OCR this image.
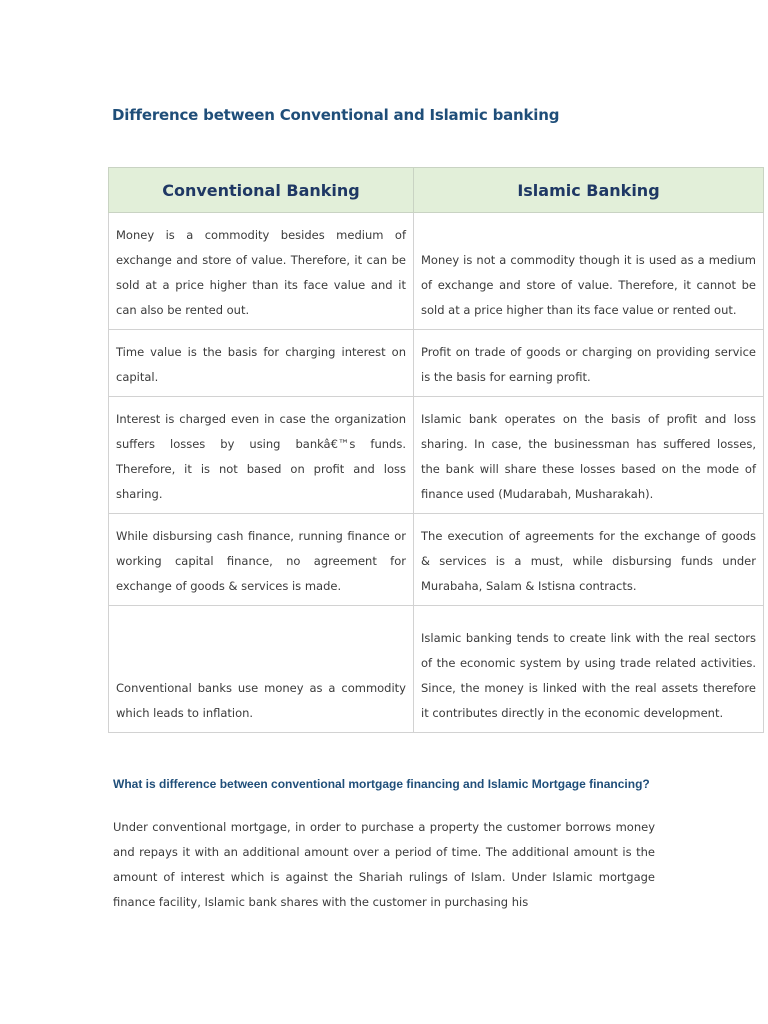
Difference between Conventional and Islamic banking
Conventional Banking	Islamic Banking
Money is a commodity besides medium of exchange and store of value. Therefore, it can be sold at a price higher than its face value and it can also be rented out.	Money is not a commodity though it is used as a medium of exchange and store of value. Therefore, it cannot be sold at a price higher than its face value or rented out.
Time value is the basis for charging interest on capital.	Profit on trade of goods or charging on providing service is the basis for earning profit.
Interest is charged even in case the organization suffers losses by using bankâ€™s funds. Therefore, it is not based on profit and loss sharing.	Islamic bank operates on the basis of profit and loss sharing. In case, the businessman has suffered losses, the bank will share these losses based on the mode of finance used (Mudarabah, Musharakah).
While disbursing cash finance, running finance or working capital finance, no agreement for exchange of goods & services is made.	The execution of agreements for the exchange of goods & services is a must, while disbursing funds under Murabaha, Salam & Istisna contracts.
Conventional banks use money as a commodity which leads to inflation.	Islamic banking tends to create link with the real sectors of the economic system by using trade related activities. Since, the money is linked with the real assets therefore it contributes directly in the economic development.
What is difference between conventional mortgage financing and Islamic Mortgage financing?

Under conventional mortgage, in order to purchase a property the customer borrows money and repays it with an additional amount over a period of time. The additional amount is the amount of interest which is against the Shariah rulings of Islam. Under Islamic mortgage finance facility, Islamic bank shares with the customer in purchasing his
